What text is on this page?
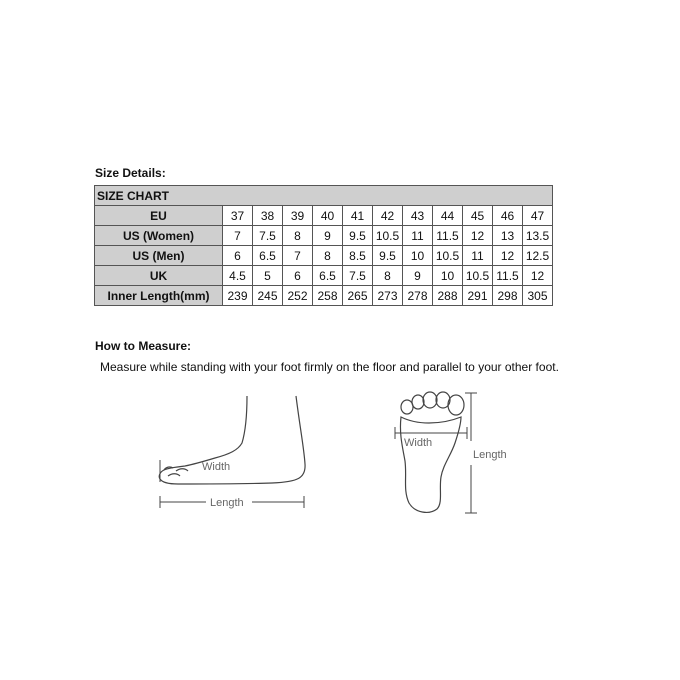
Size Details:
SIZE CHART											
EU	37	38	39	40	41	42	43	44	45	46	47
US (Women)	7	7.5	8	9	9.5	10.5	11	11.5	12	13	13.5
US (Men)	6	6.5	7	8	8.5	9.5	10	10.5	11	12	12.5
UK	4.5	5	6	6.5	7.5	8	9	10	10.5	11.5	12
Inner Length(mm)	239	245	252	258	265	273	278	288	291	298	305
How to Measure:
Measure while standing with your foot firmly on the floor and parallel to your other foot.
Width
Length
Width
Length
